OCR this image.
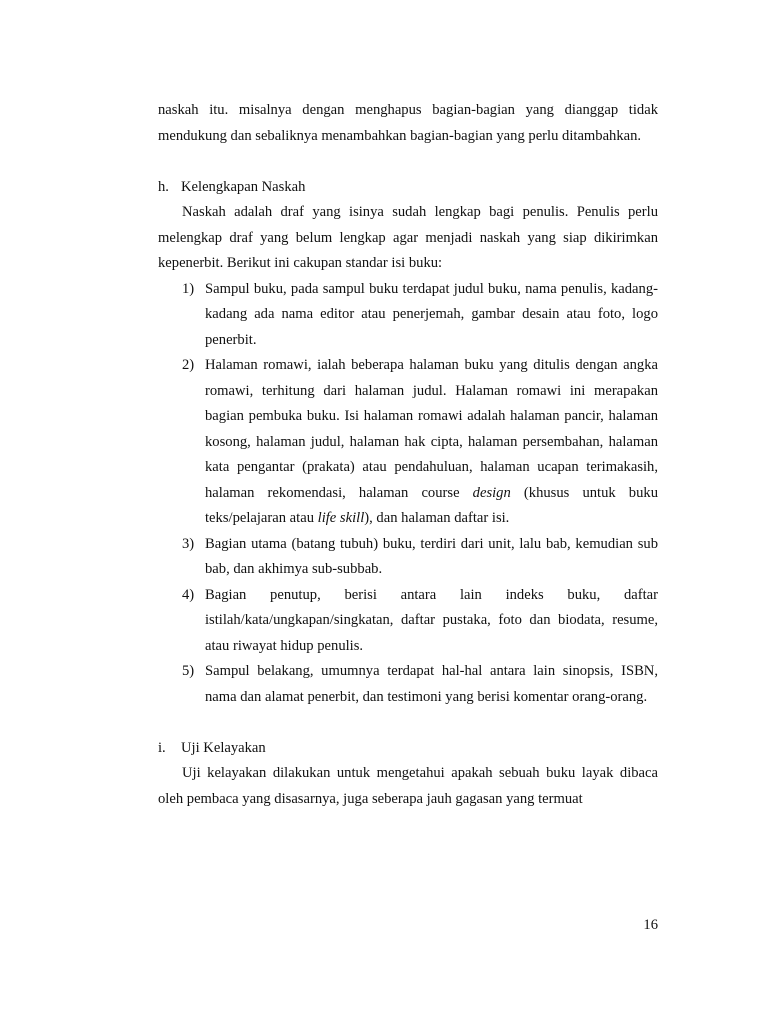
naskah itu. misalnya dengan menghapus bagian-bagian yang dianggap tidak mendukung dan sebaliknya menambahkan bagian-bagian yang perlu ditambahkan.

h. Kelengkapan Naskah

Naskah adalah draf yang isinya sudah lengkap bagi penulis. Penulis perlu melengkap draf yang belum lengkap agar menjadi naskah yang siap dikirimkan kepenerbit. Berikut ini cakupan standar isi buku:

1) Sampul buku, pada sampul buku terdapat judul buku, nama penulis, kadang-kadang ada nama editor atau penerjemah, gambar desain atau foto, logo penerbit.
2) Halaman romawi, ialah beberapa halaman buku yang ditulis dengan angka romawi, terhitung dari halaman judul. Halaman romawi ini merapakan bagian pembuka buku. Isi halaman romawi adalah halaman pancir, halaman kosong, halaman judul, halaman hak cipta, halaman persembahan, halaman kata pengantar (prakata) atau pendahuluan, halaman ucapan terimakasih, halaman rekomendasi, halaman course design (khusus untuk buku teks/pelajaran atau life skill), dan halaman daftar isi.
3) Bagian utama (batang tubuh) buku, terdiri dari unit, lalu bab, kemudian sub bab, dan akhimya sub-subbab.
4) Bagian penutup, berisi antara lain indeks buku, daftar istilah/kata/ungkapan/singkatan, daftar pustaka, foto dan biodata, resume, atau riwayat hidup penulis.
5) Sampul belakang, umumnya terdapat hal-hal antara lain sinopsis, ISBN, nama dan alamat penerbit, dan testimoni yang berisi komentar orang-orang.
i.	Uji Kelayakan

Uji kelayakan dilakukan untuk mengetahui apakah sebuah buku layak dibaca oleh pembaca yang disasarnya, juga seberapa jauh gagasan yang termuat

16
